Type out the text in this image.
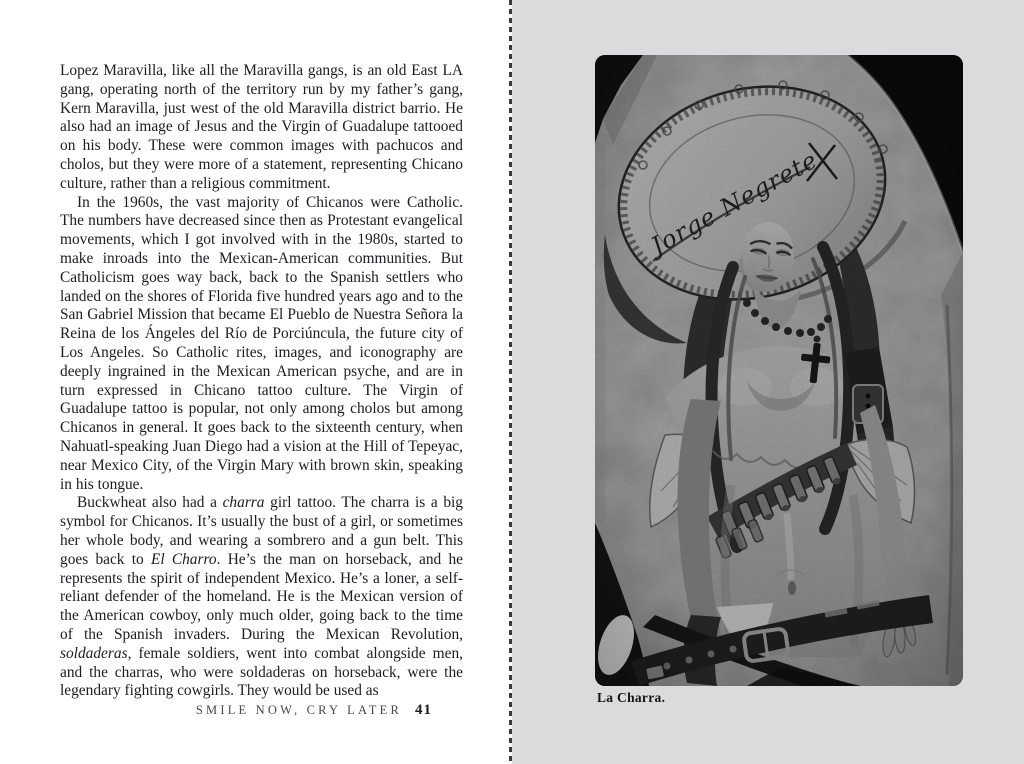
Lopez Maravilla, like all the Maravilla gangs, is an old East LA gang, operating north of the territory run by my father’s gang, Kern Maravilla, just west of the old Maravilla district barrio. He also had an image of Jesus and the Virgin of Guadalupe tattooed on his body. These were common images with pachucos and cholos, but they were more of a statement, representing Chicano culture, rather than a religious commitment.

In the 1960s, the vast majority of Chicanos were Catholic. The numbers have decreased since then as Protestant evangelical movements, which I got involved with in the 1980s, started to make inroads into the Mexican-American communities. But Catholicism goes way back, back to the Spanish settlers who landed on the shores of Florida five hundred years ago and to the San Gabriel Mission that became El Pueblo de Nuestra Señora la Reina de los Ángeles del Río de Porciúncula, the future city of Los Angeles. So Catholic rites, images, and iconography are deeply ingrained in the Mexican American psyche, and are in turn expressed in Chicano tattoo culture. The Virgin of Guadalupe tattoo is popular, not only among cholos but among Chicanos in general. It goes back to the sixteenth century, when Nahuatl-speaking Juan Diego had a vision at the Hill of Tepeyac, near Mexico City, of the Virgin Mary with brown skin, speaking in his tongue.

Buckwheat also had a charra girl tattoo. The charra is a big symbol for Chicanos. It’s usually the bust of a girl, or sometimes her whole body, and wearing a sombrero and a gun belt. This goes back to El Charro. He’s the man on horseback, and he represents the spirit of independent Mexico. He’s a loner, a self-reliant defender of the homeland. He is the Mexican version of the American cowboy, only much older, going back to the time of the Spanish invaders. During the Mexican Revolution, soldaderas, female soldiers, went into combat alongside men, and the charras, who were soldaderas on horseback, were the legendary fighting cowgirls. They would be used as

SMILE NOW, CRY LATER 41
La Charra.
